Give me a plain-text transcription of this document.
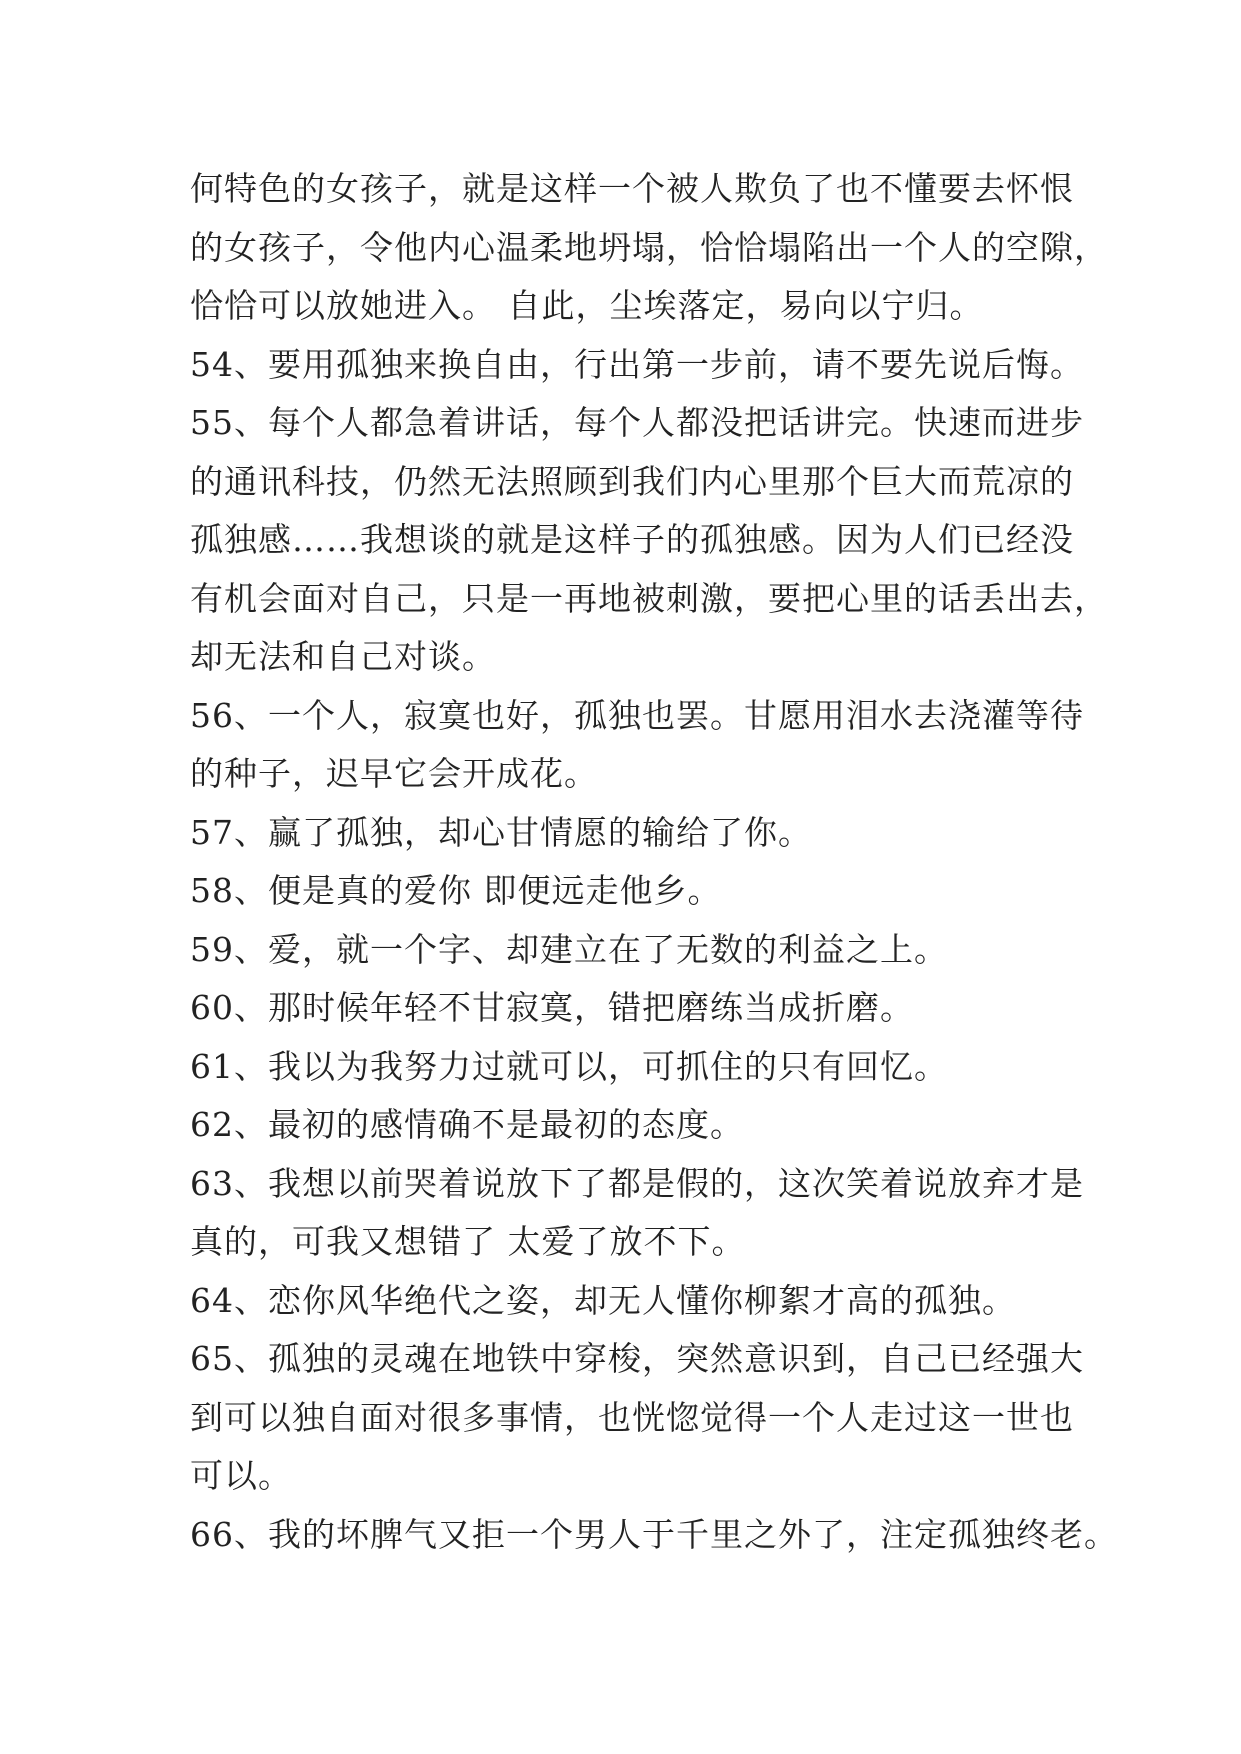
何特色的女孩子，就是这样一个被人欺负了也不懂要去怀恨
的女孩子，令他内心温柔地坍塌，恰恰塌陷出一个人的空隙，
恰恰可以放她进入。 自此，尘埃落定，易向以宁归。
54、要用孤独来换自由，行出第一步前，请不要先说后悔。
55、每个人都急着讲话，每个人都没把话讲完。快速而进步
的通讯科技，仍然无法照顾到我们内心里那个巨大而荒凉的
孤独感……我想谈的就是这样子的孤独感。因为人们已经没
有机会面对自己，只是一再地被刺激，要把心里的话丢出去，
却无法和自己对谈。
56、一个人，寂寞也好，孤独也罢。甘愿用泪水去浇灌等待
的种子，迟早它会开成花。
57、赢了孤独，却心甘情愿的输给了你。
58、便是真的爱你 即便远走他乡。
59、爱，就一个字、却建立在了无数的利益之上。
60、那时候年轻不甘寂寞，错把磨练当成折磨。
61、我以为我努力过就可以，可抓住的只有回忆。
62、最初的感情确不是最初的态度。
63、我想以前哭着说放下了都是假的，这次笑着说放弃才是
真的，可我又想错了 太爱了放不下。
64、恋你风华绝代之姿，却无人懂你柳絮才高的孤独。
65、孤独的灵魂在地铁中穿梭，突然意识到，自己已经强大
到可以独自面对很多事情，也恍惚觉得一个人走过这一世也
可以。
66、我的坏脾气又拒一个男人于千里之外了，注定孤独终老。
